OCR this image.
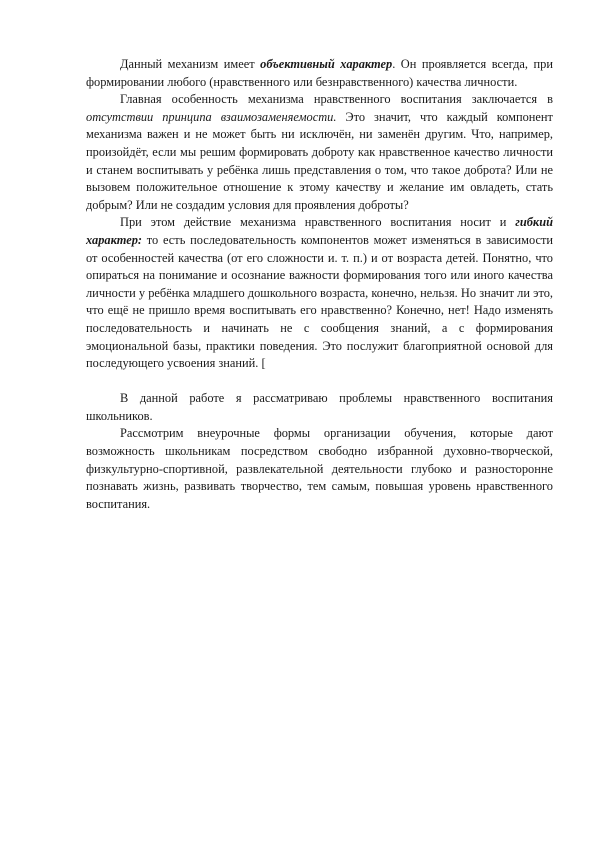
Данный механизм имеет объективный характер. Он проявляется всегда, при формировании любого (нравственного или безнравственного) качества личности.

Главная особенность механизма нравственного воспитания заключается в отсутствии принципа взаимозаменяемости. Это значит, что каждый компонент механизма важен и не может быть ни исключён, ни заменён другим. Что, например, произойдёт, если мы решим формировать доброту как нравственное качество личности и станем воспитывать у ребёнка лишь представления о том, что такое доброта? Или не вызовем положительное отношение к этому качеству и желание им овладеть, стать добрым? Или не создадим условия для проявления доброты?

При этом действие механизма нравственного воспитания носит и гибкий характер: то есть последовательность компонентов может изменяться в зависимости от особенностей качества (от его сложности и. т. п.) и от возраста детей. Понятно, что опираться на понимание и осознание важности формирования того или иного качества личности у ребёнка младшего дошкольного возраста, конечно, нельзя. Но значит ли это, что ещё не пришло время воспитывать его нравственно? Конечно, нет! Надо изменять последовательность и начинать не с сообщения знаний, а с формирования эмоциональной базы, практики поведения. Это послужит благоприятной основой для последующего усвоения знаний. [

В данной работе я рассматриваю проблемы нравственного воспитания школьников.

Рассмотрим внеурочные формы организации обучения, которые дают возможность школьникам посредством свободно избранной духовно-творческой, физкультурно-спортивной, развлекательной деятельности глубоко и разносторонне познавать жизнь, развивать творчество, тем самым, повышая уровень нравственного воспитания.
